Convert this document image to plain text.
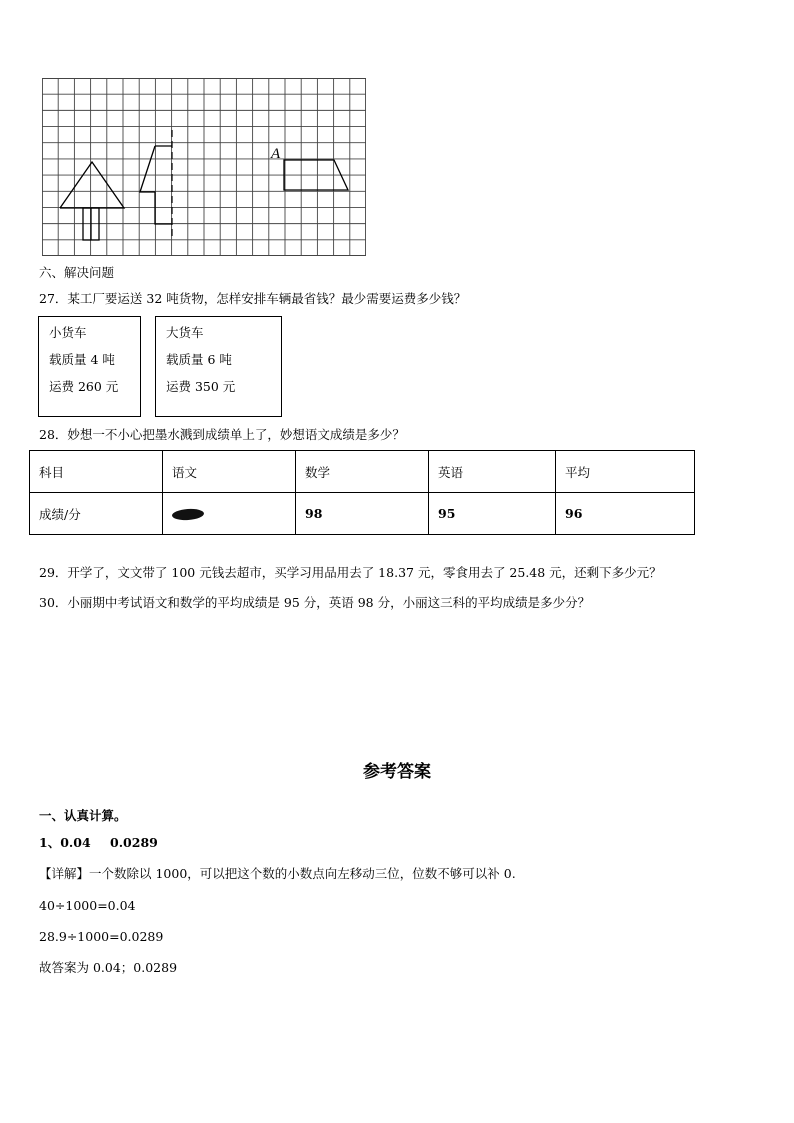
A
六、解决问题
27．某工厂要运送 32 吨货物，怎样安排车辆最省钱？最少需要运费多少钱？
小货车
载质量 4 吨
运费 260 元
大货车
载质量 6 吨
运费 350 元
28．妙想一不小心把墨水溅到成绩单上了，妙想语文成绩是多少？
科目	语文	数学	英语	平均
成绩/分		98	95	96
29．开学了，文文带了 100 元钱去超市，买学习用品用去了 18.37 元，零食用去了 25.48 元，还剩下多少元？
30．小丽期中考试语文和数学的平均成绩是 95 分，英语 98 分，小丽这三科的平均成绩是多少分？
参考答案
一、认真计算。
1、0.04 0.0289
【详解】一个数除以 1000，可以把这个数的小数点向左移动三位，位数不够可以补 0.
40÷1000=0.04
28.9÷1000=0.0289
故答案为 0.04；0.0289
